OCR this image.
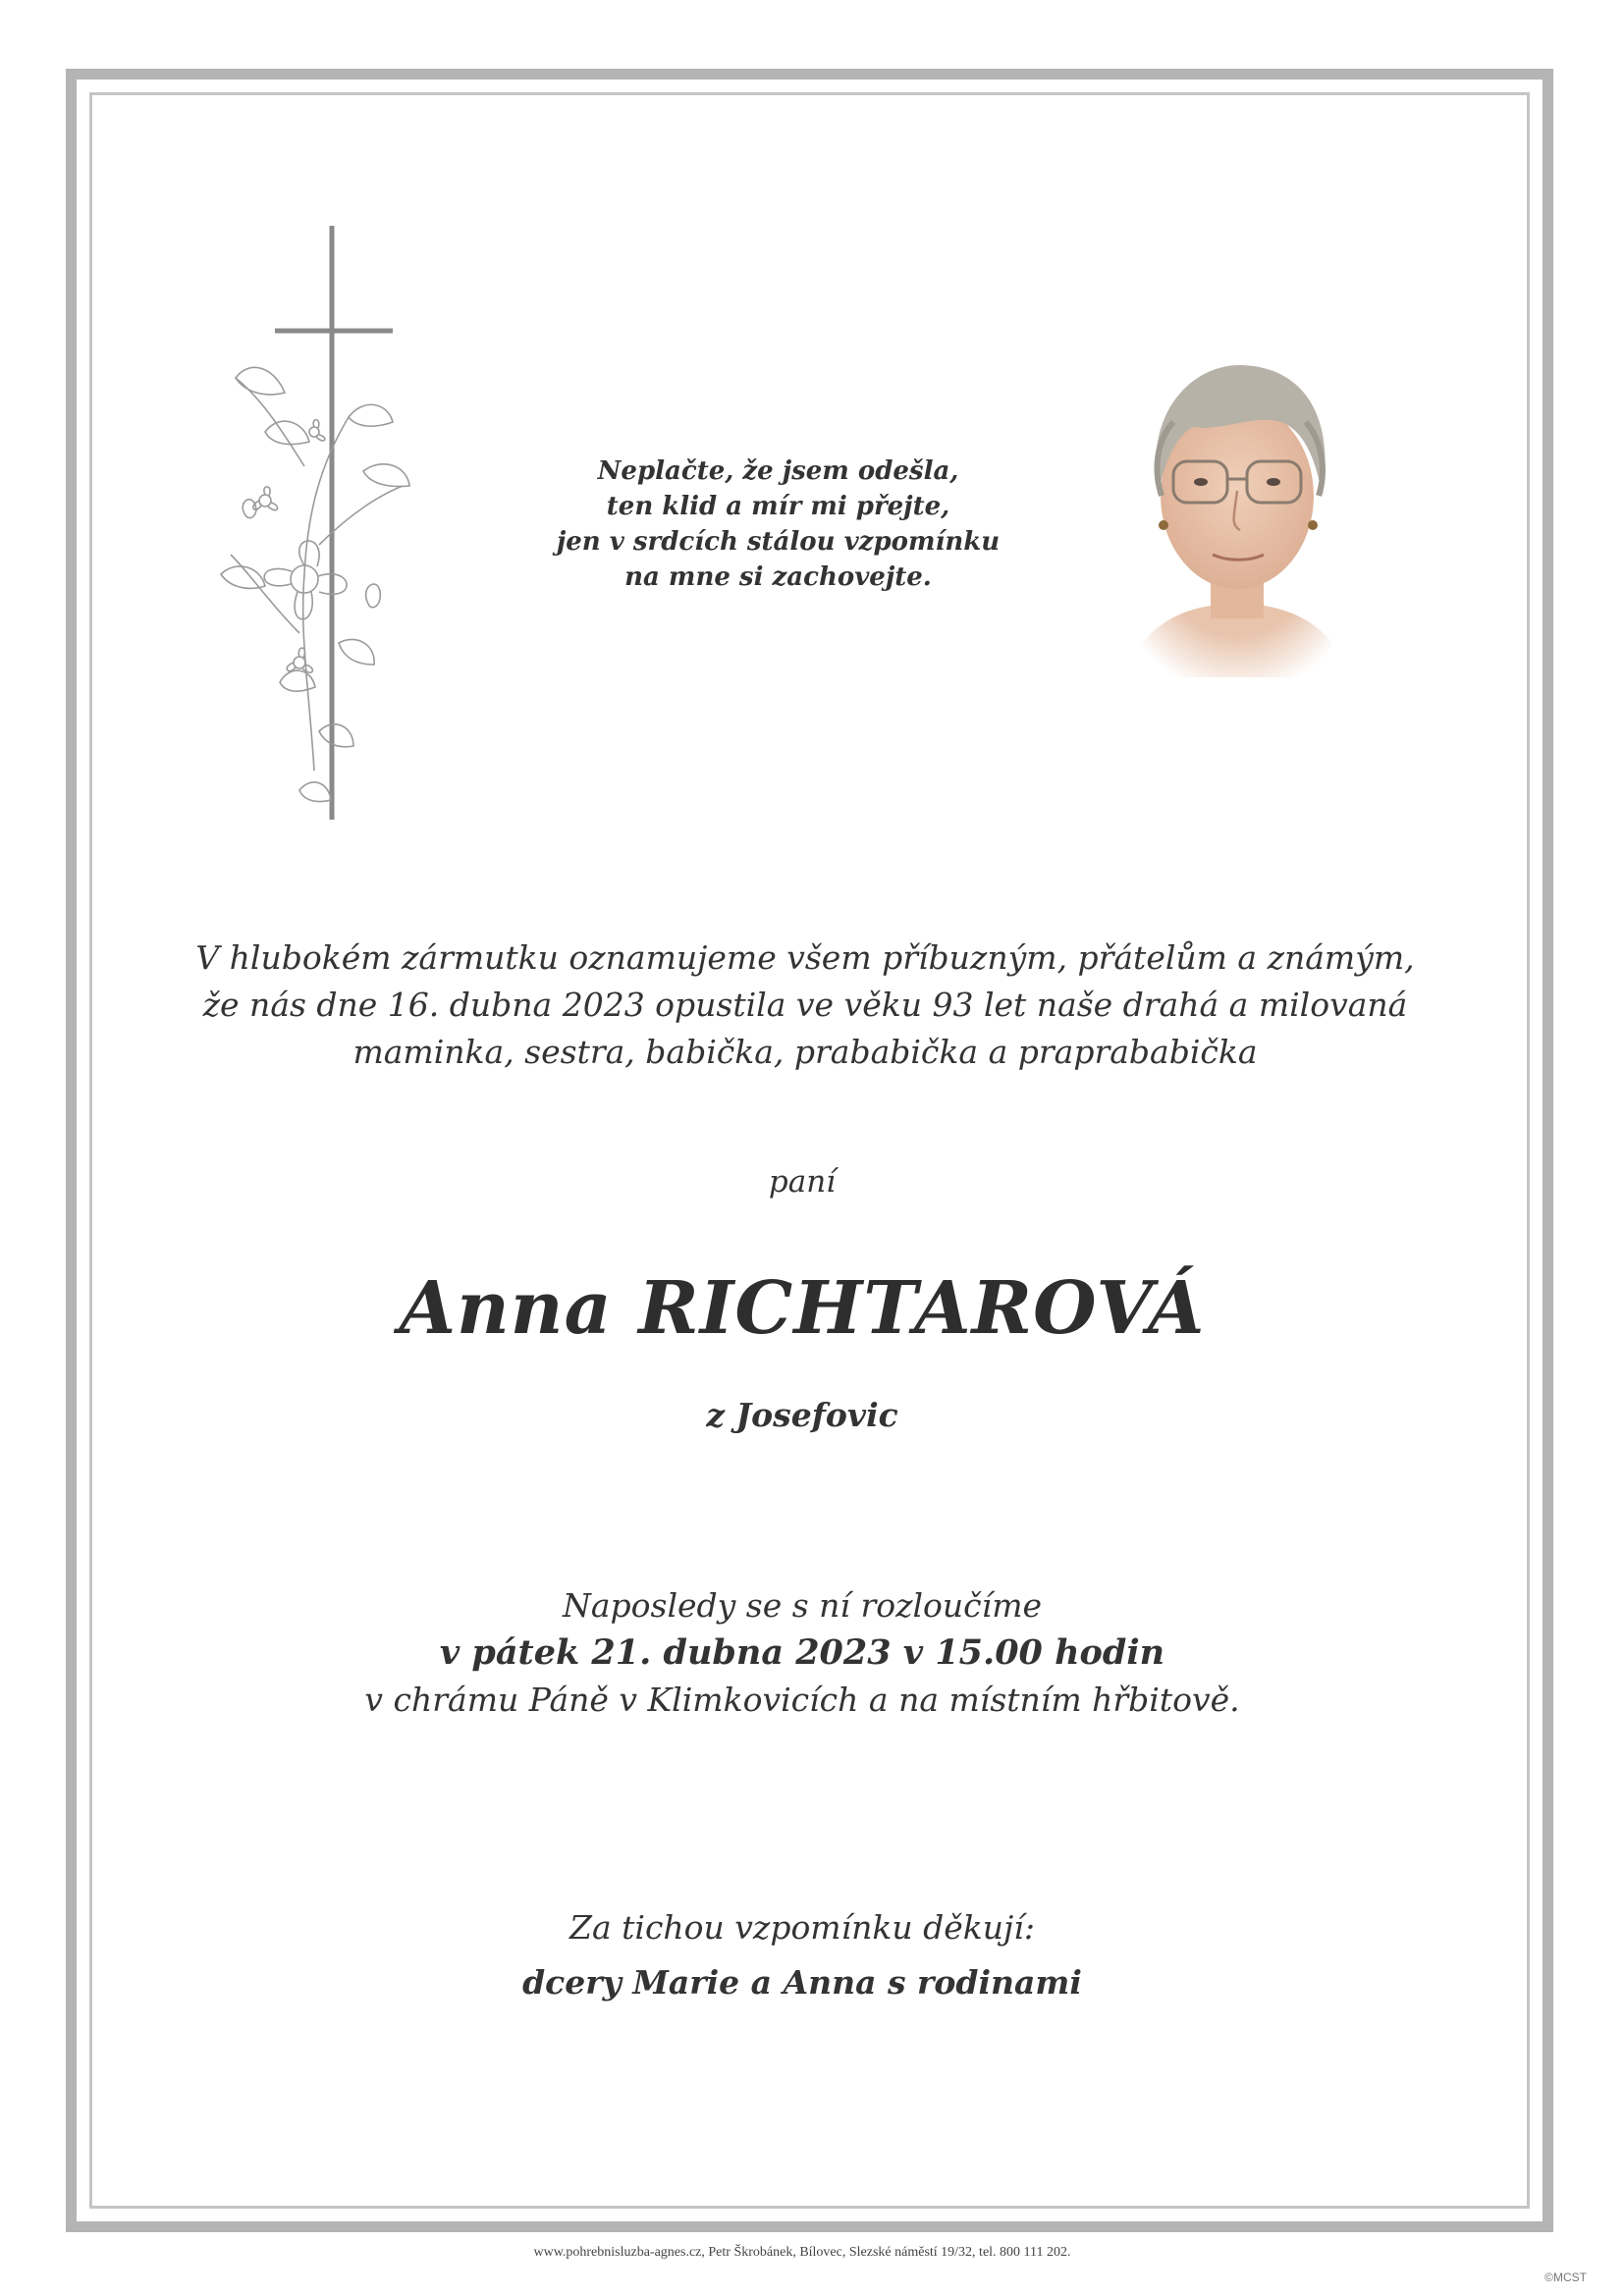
Neplačte, že jsem odešla,
ten klid a mír mi přejte,
jen v srdcích stálou vzpomínku
na mne si zachovejte.
V hlubokém zármutku oznamujeme všem příbuzným, přátelům a známým,
že nás dne 16. dubna 2023 opustila ve věku 93 let naše drahá a milovaná
maminka, sestra, babička, prababička a praprababička
paní
Anna RICHTAROVÁ
z Josefovic
Naposledy se s ní rozloučíme
v pátek 21. dubna 2023 v 15.00 hodin
v chrámu Páně v Klimkovicích a na místním hřbitově.
Za tichou vzpomínku děkují:
dcery Marie a Anna s rodinami
www.pohrebnisluzba-agnes.cz, Petr Škrobánek, Bílovec, Slezské náměstí 19/32, tel. 800 111 202.
©MCST
